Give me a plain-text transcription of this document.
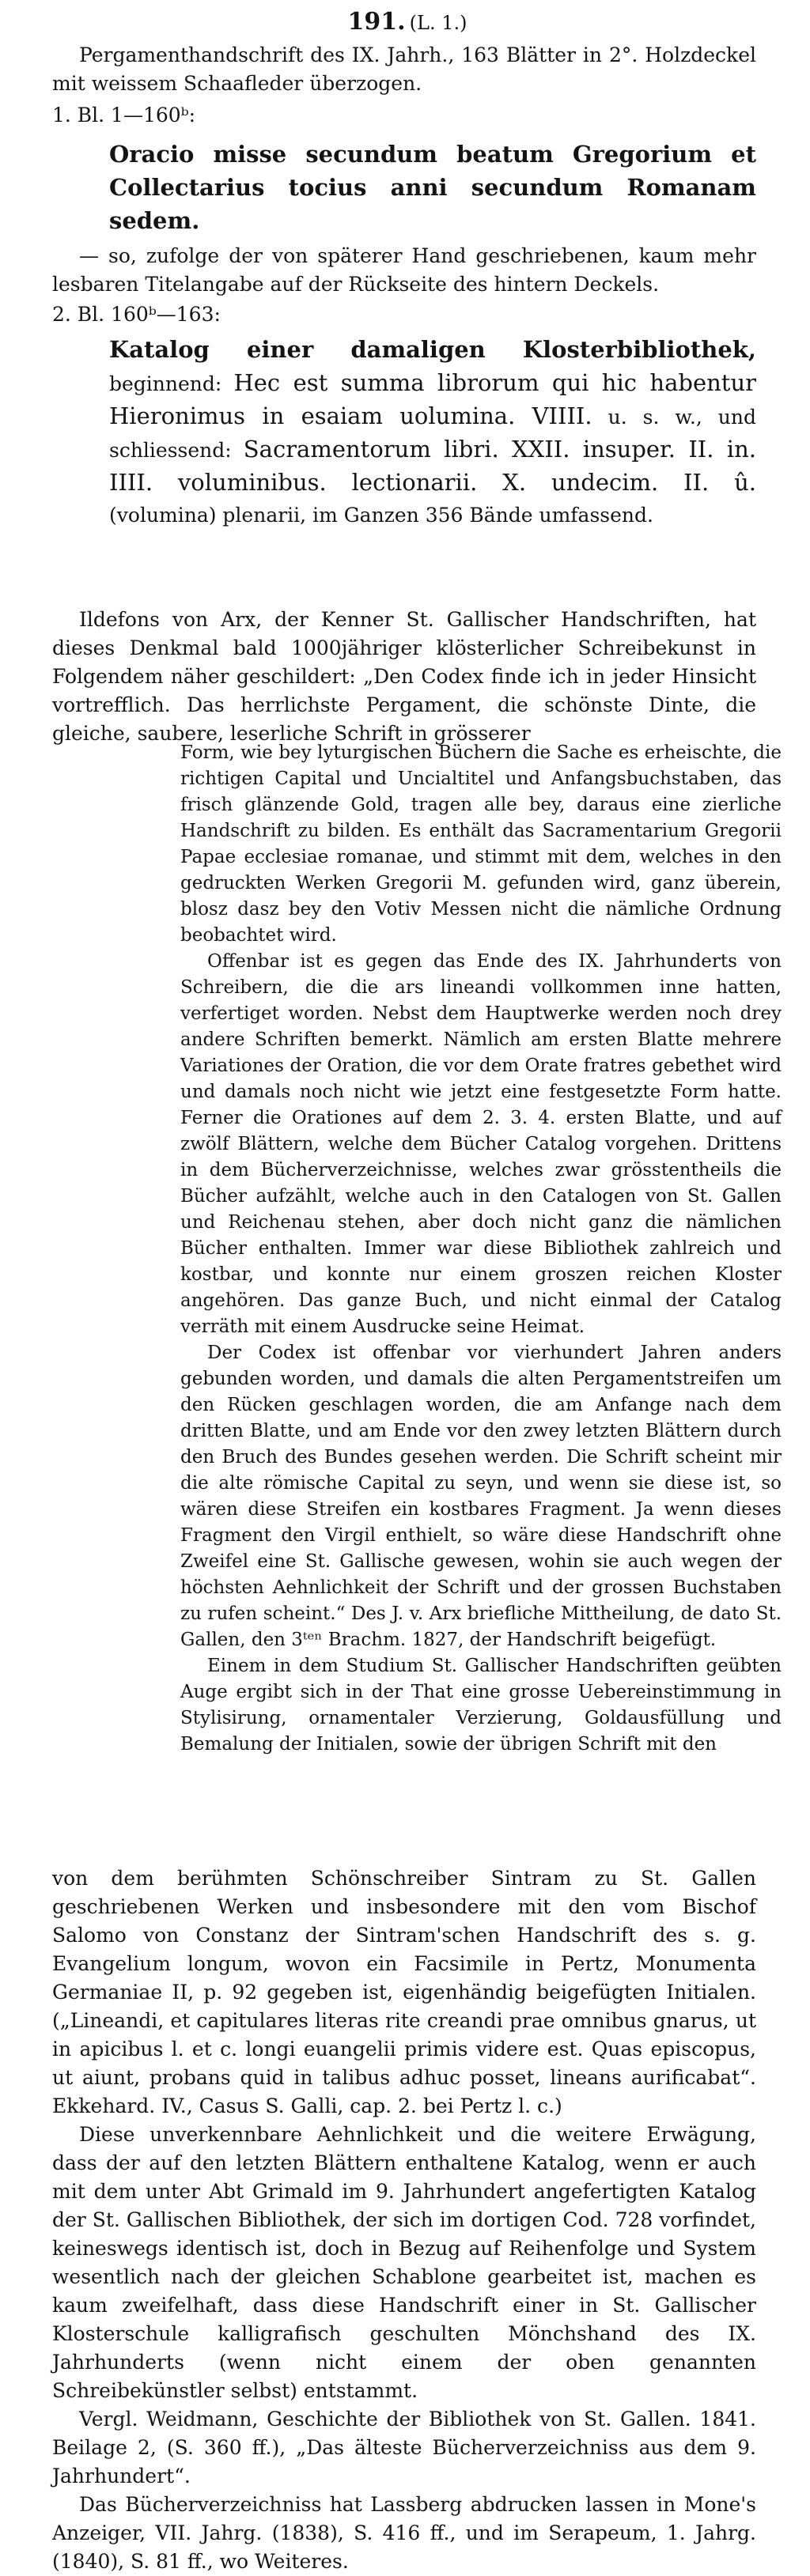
191. (L. 1.)

Pergamenthandschrift des IX. Jahrh., 163 Blätter in 2°. Holzdeckel mit weissem Schaafleder überzogen.

1. Bl. 1—160ᵇ:

Oracio misse secundum beatum Gregorium et Collectarius tocius anni secundum Romanam sedem.

— so, zufolge der von späterer Hand geschriebenen, kaum mehr lesbaren Titelangabe auf der Rückseite des hintern Deckels.

2. Bl. 160ᵇ—163:

Katalog einer damaligen Klosterbibliothek, beginnend: Hec est summa librorum qui hic habentur Hieronimus in esaiam uolumina. VIIII. u. s. w., und schliessend: Sacramentorum libri. XXII. insuper. II. in. IIII. voluminibus. lectionarii. X. undecim. II. û. (volumina) plenarii, im Ganzen 356 Bände umfassend.

Ildefons von Arx, der Kenner St. Gallischer Handschriften, hat dieses Denkmal bald 1000jähriger klösterlicher Schreibekunst in Folgendem näher geschildert: „Den Codex finde ich in jeder Hinsicht vortrefflich. Das herrlichste Pergament, die schönste Dinte, die gleiche, saubere, leserliche Schrift in grösserer

Form, wie bey lyturgischen Büchern die Sache es erheischte, die richtigen Capital und Uncialtitel und Anfangsbuchstaben, das frisch glänzende Gold, tragen alle bey, daraus eine zierliche Handschrift zu bilden. Es enthält das Sacramentarium Gregorii Papae ecclesiae romanae, und stimmt mit dem, welches in den gedruckten Werken Gregorii M. gefunden wird, ganz überein, blosz dasz bey den Votiv Messen nicht die nämliche Ordnung beobachtet wird.

Offenbar ist es gegen das Ende des IX. Jahrhunderts von Schreibern, die die ars lineandi vollkommen inne hatten, verfertiget worden. Nebst dem Hauptwerke werden noch drey andere Schriften bemerkt. Nämlich am ersten Blatte mehrere Variationes der Oration, die vor dem Orate fratres gebethet wird und damals noch nicht wie jetzt eine festgesetzte Form hatte. Ferner die Orationes auf dem 2. 3. 4. ersten Blatte, und auf zwölf Blättern, welche dem Bücher Catalog vorgehen. Drittens in dem Bücherverzeichnisse, welches zwar grösstentheils die Bücher aufzählt, welche auch in den Catalogen von St. Gallen und Reichenau stehen, aber doch nicht ganz die nämlichen Bücher enthalten. Immer war diese Bibliothek zahlreich und kostbar, und konnte nur einem groszen reichen Kloster angehören. Das ganze Buch, und nicht einmal der Catalog verräth mit einem Ausdrucke seine Heimat.

Der Codex ist offenbar vor vierhundert Jahren anders gebunden worden, und damals die alten Pergamentstreifen um den Rücken geschlagen worden, die am Anfange nach dem dritten Blatte, und am Ende vor den zwey letzten Blättern durch den Bruch des Bundes gesehen werden. Die Schrift scheint mir die alte römische Capital zu seyn, und wenn sie diese ist, so wären diese Streifen ein kostbares Fragment. Ja wenn dieses Fragment den Virgil enthielt, so wäre diese Handschrift ohne Zweifel eine St. Gallische gewesen, wohin sie auch wegen der höchsten Aehnlichkeit der Schrift und der grossen Buchstaben zu rufen scheint.“ Des J. v. Arx briefliche Mittheilung, de dato St. Gallen, den 3ᵗᵉⁿ Brachm. 1827, der Handschrift beigefügt.

Einem in dem Studium St. Gallischer Handschriften geübten Auge ergibt sich in der That eine grosse Uebereinstimmung in Stylisirung, ornamentaler Verzierung, Goldausfüllung und Bemalung der Initialen, sowie der übrigen Schrift mit den

von dem berühmten Schönschreiber Sintram zu St. Gallen geschriebenen Werken und insbesondere mit den vom Bischof Salomo von Constanz der Sintram'schen Handschrift des s. g. Evangelium longum, wovon ein Facsimile in Pertz, Monumenta Germaniae II, p. 92 gegeben ist, eigenhändig beigefügten Initialen. („Lineandi, et capitulares literas rite creandi prae omnibus gnarus, ut in apicibus l. et c. longi euangelii primis videre est. Quas episcopus, ut aiunt, probans quid in talibus adhuc posset, lineans aurificabat“. Ekkehard. IV., Casus S. Galli, cap. 2. bei Pertz l. c.)

Diese unverkennbare Aehnlichkeit und die weitere Erwägung, dass der auf den letzten Blättern enthaltene Katalog, wenn er auch mit dem unter Abt Grimald im 9. Jahrhundert angefertigten Katalog der St. Gallischen Bibliothek, der sich im dortigen Cod. 728 vorfindet, keineswegs identisch ist, doch in Bezug auf Reihenfolge und System wesentlich nach der gleichen Schablone gearbeitet ist, machen es kaum zweifelhaft, dass diese Handschrift einer in St. Gallischer Klosterschule kalligrafisch geschulten Mönchshand des IX. Jahrhunderts (wenn nicht einem der oben genannten Schreibekünstler selbst) entstammt.

Vergl. Weidmann, Geschichte der Bibliothek von St. Gallen. 1841. Beilage 2, (S. 360 ff.), „Das älteste Bücherverzeichniss aus dem 9. Jahrhundert“.

Das Bücherverzeichniss hat Lassberg abdrucken lassen in Mone's Anzeiger, VII. Jahrg. (1838), S. 416 ff., und im Serapeum, 1. Jahrg. (1840), S. 81 ff., wo Weiteres.
